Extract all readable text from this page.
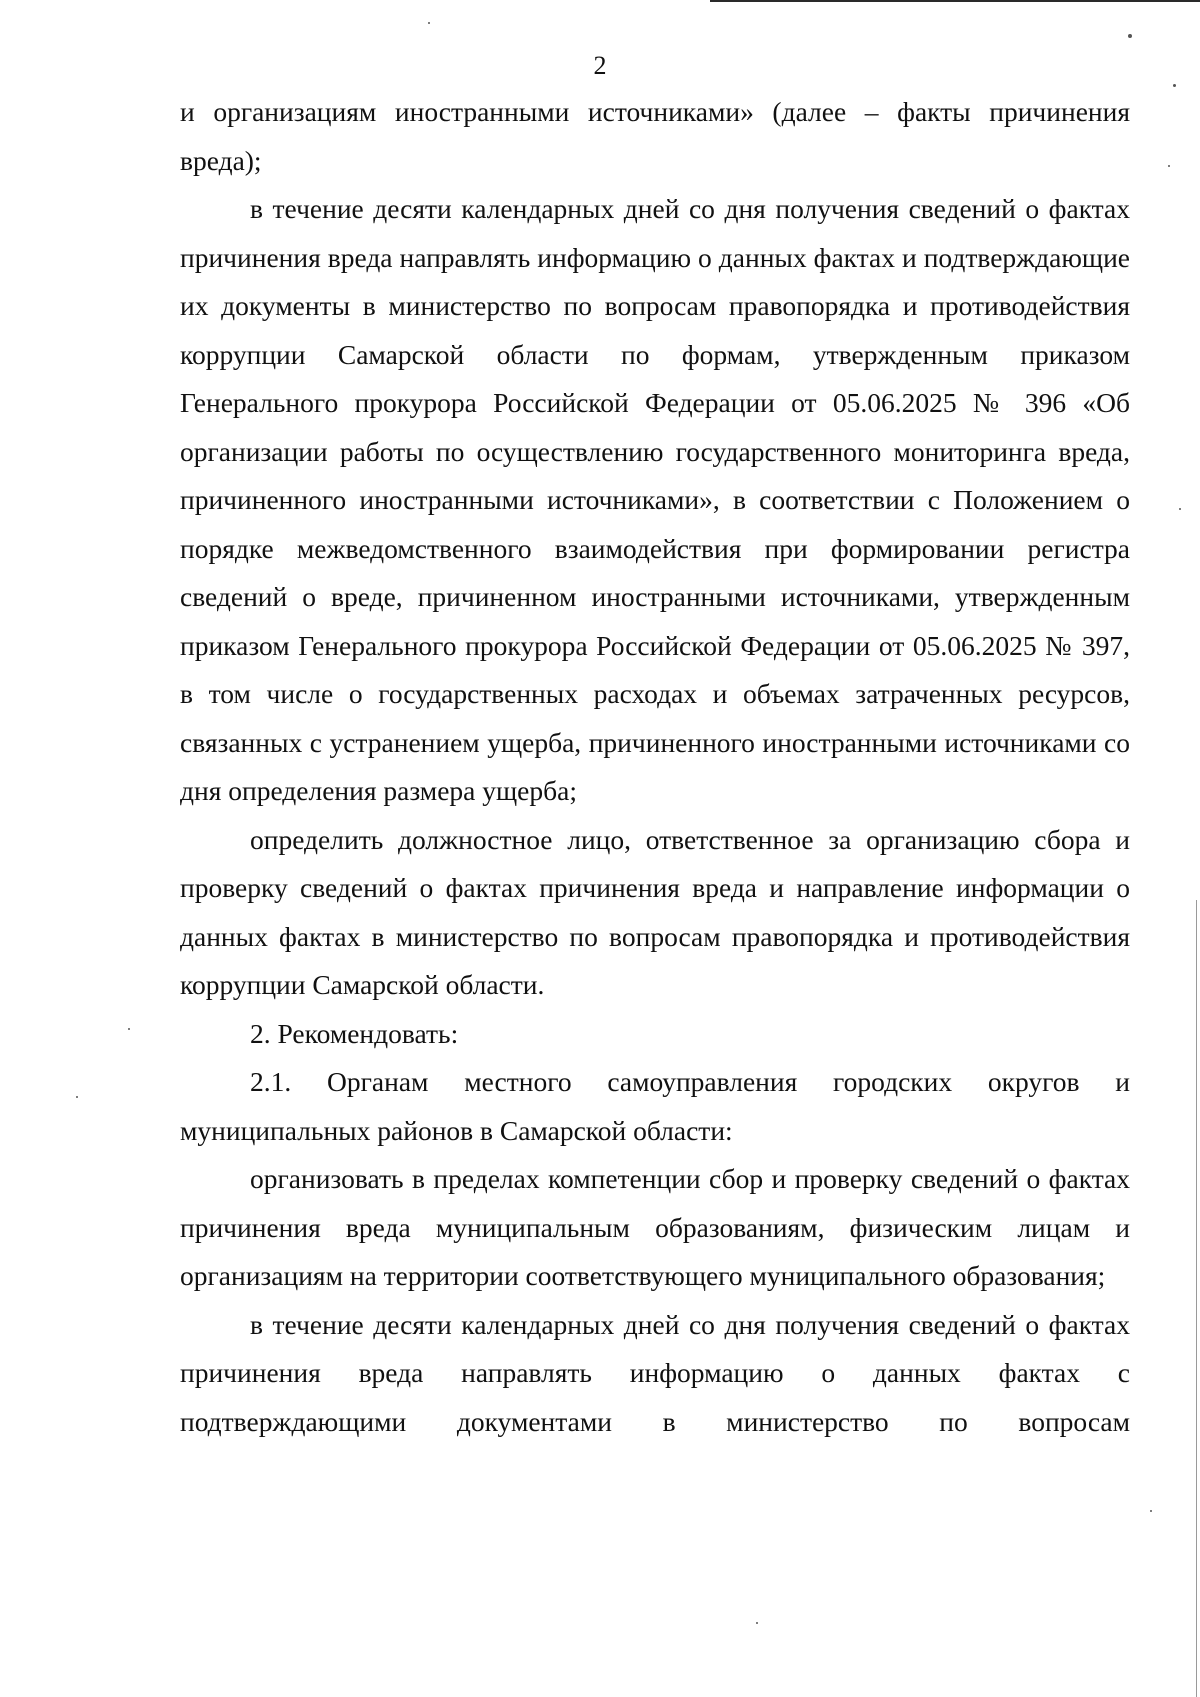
2

и организациям иностранными источниками» (далее – факты причинения вреда);

в течение десяти календарных дней со дня получения сведений о фактах причинения вреда направлять информацию о данных фактах и подтверждающие их документы в министерство по вопросам правопорядка и противодействия коррупции Самарской области по формам, утвержденным приказом Генерального прокурора Российской Федерации от 05.06.2025 № 396 «Об организации работы по осуществлению государственного мониторинга вреда, причиненного иностранными источниками», в соответствии с Положением о порядке межведомственного взаимодействия при формировании регистра сведений о вреде, причиненном иностранными источниками, утвержденным приказом Генерального прокурора Российской Федерации от 05.06.2025 № 397, в том числе о государственных расходах и объемах затраченных ресурсов, связанных с устранением ущерба, причиненного иностранными источниками со дня определения размера ущерба;

определить должностное лицо, ответственное за организацию сбора и проверку сведений о фактах причинения вреда и направление информации о данных фактах в министерство по вопросам правопорядка и противодействия коррупции Самарской области.

2. Рекомендовать:

2.1. Органам местного самоуправления городских округов и муниципальных районов в Самарской области:

организовать в пределах компетенции сбор и проверку сведений о фактах причинения вреда муниципальным образованиям, физическим лицам и организациям на территории соответствующего муниципального образования;

в течение десяти календарных дней со дня получения сведений о фактах причинения вреда направлять информацию о данных фактах с подтверждающими документами в министерство по вопросам
